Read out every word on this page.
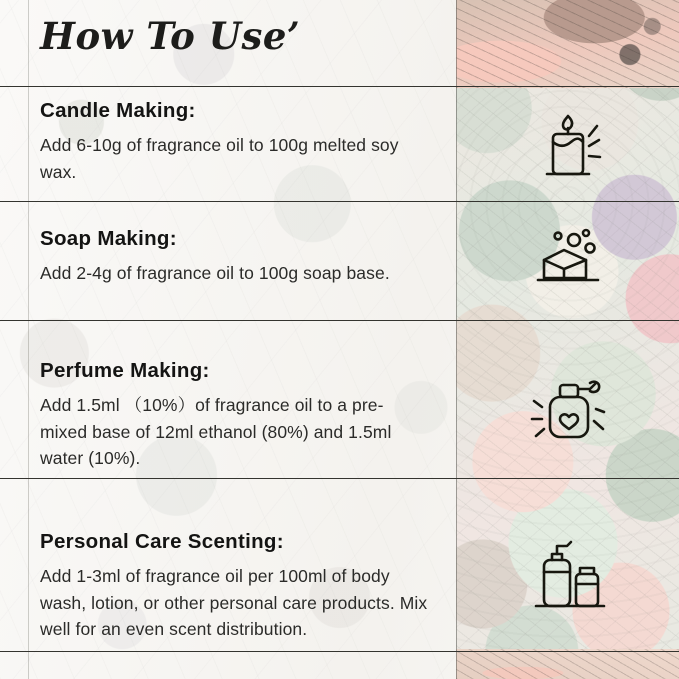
How To Use’
Candle Making:
Add 6-10g of fragrance oil to 100g melted soy wax.
Soap Making:
Add 2-4g of fragrance oil to 100g soap base.
Perfume Making:
Add 1.5ml （10%）of fragrance oil to a pre-mixed base of 12ml ethanol (80%) and 1.5ml water (10%).
Personal Care Scenting:
Add 1-3ml of fragrance oil per 100ml of body wash, lotion, or other personal care products. Mix well for an even scent distribution.
